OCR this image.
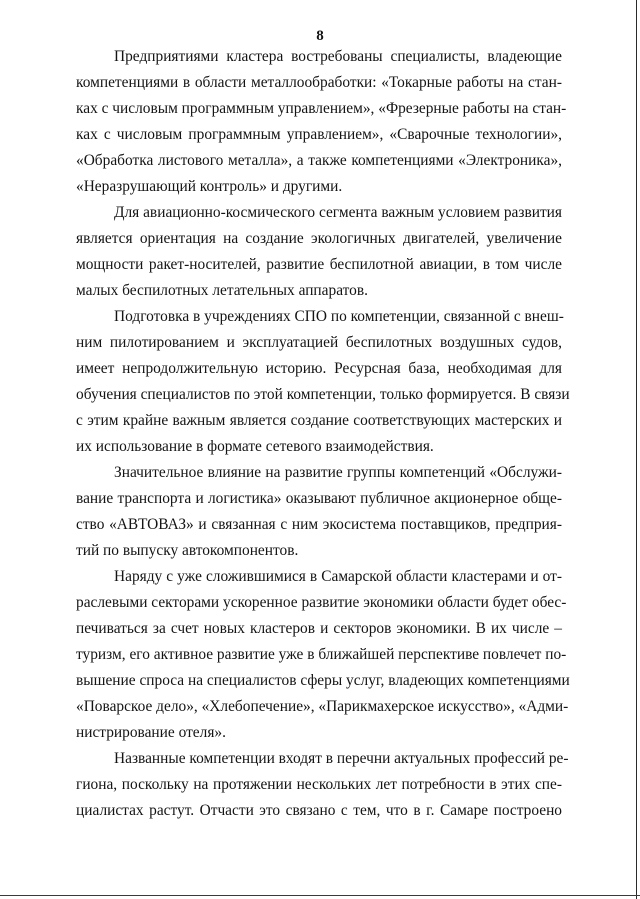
8
Предприятиями кластера востребованы специалисты, владеющие
компетенциями в области металлообработки: «Токарные работы на стан-
ках с числовым программным управлением», «Фрезерные работы на стан-
ках с числовым программным управлением», «Сварочные технологии»,
«Обработка листового металла», а также компетенциями «Электроника»,
«Неразрушающий контроль» и другими.
Для авиационно-космического сегмента важным условием развития
является ориентация на создание экологичных двигателей, увеличение
мощности ракет-носителей, развитие беспилотной авиации, в том числе
малых беспилотных летательных аппаратов.
Подготовка в учреждениях СПО по компетенции, связанной с внеш-
ним пилотированием и эксплуатацией беспилотных воздушных судов,
имеет непродолжительную историю. Ресурсная база, необходимая для
обучения специалистов по этой компетенции, только формируется. В связи
с этим крайне важным является создание соответствующих мастерских и
их использование в формате сетевого взаимодействия.
Значительное влияние на развитие группы компетенций «Обслужи-
вание транспорта и логистика» оказывают публичное акционерное обще-
ство «АВТОВАЗ» и связанная с ним экосистема поставщиков, предприя-
тий по выпуску автокомпонентов.
Наряду с уже сложившимися в Самарской области кластерами и от-
раслевыми секторами ускоренное развитие экономики области будет обес-
печиваться за счет новых кластеров и секторов экономики. В их числе –
туризм, его активное развитие уже в ближайшей перспективе повлечет по-
вышение спроса на специалистов сферы услуг, владеющих компетенциями
«Поварское дело», «Хлебопечение», «Парикмахерское искусство», «Адми-
нистрирование отеля».
Названные компетенции входят в перечни актуальных профессий ре-
гиона, поскольку на протяжении нескольких лет потребности в этих спе-
циалистах растут. Отчасти это связано с тем, что в г. Самаре построено
